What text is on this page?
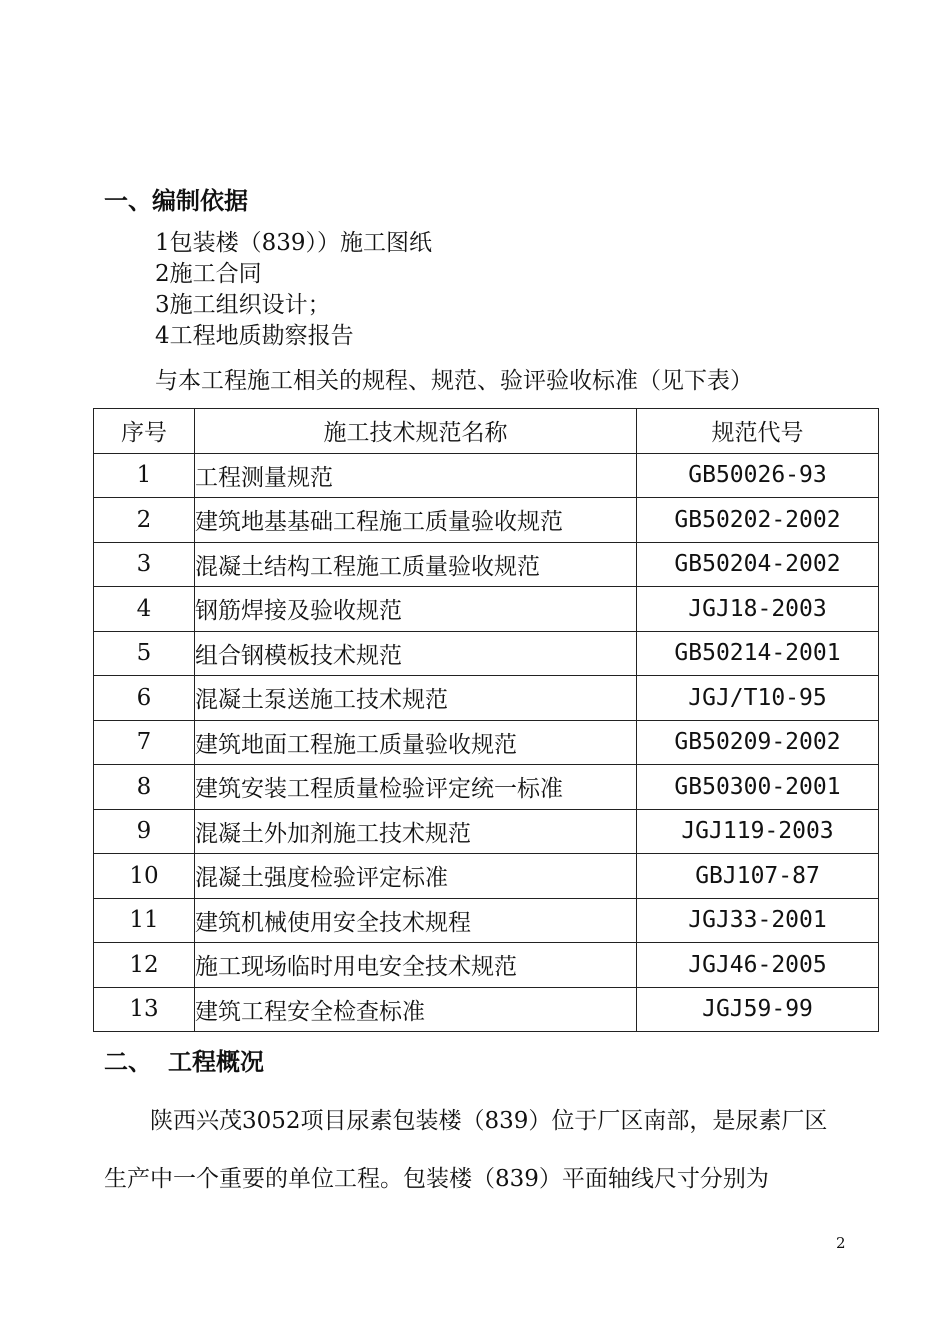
一、编制依据
1包装楼（839））施工图纸
2施工合同
3施工组织设计；
4工程地质勘察报告
与本工程施工相关的规程、规范、验评验收标准（见下表）
序号	施工技术规范名称	规范代号
1	工程测量规范	GB50026-93
2	建筑地基基础工程施工质量验收规范	GB50202-2002
3	混凝土结构工程施工质量验收规范	GB50204-2002
4	钢筋焊接及验收规范	JGJ18-2003
5	组合钢模板技术规范	GB50214-2001
6	混凝土泵送施工技术规范	JGJ/T10-95
7	建筑地面工程施工质量验收规范	GB50209-2002
8	建筑安装工程质量检验评定统一标准	GB50300-2001
9	混凝土外加剂施工技术规范	JGJ119-2003
10	混凝土强度检验评定标准	GBJ107-87
11	建筑机械使用安全技术规程	JGJ33-2001
12	施工现场临时用电安全技术规范	JGJ46-2005
13	建筑工程安全检查标准	JGJ59-99
二、 工程概况
陕西兴茂3052项目尿素包装楼（839）位于厂区南部，是尿素厂区
生产中一个重要的单位工程。包装楼（839）平面轴线尺寸分别为
2
